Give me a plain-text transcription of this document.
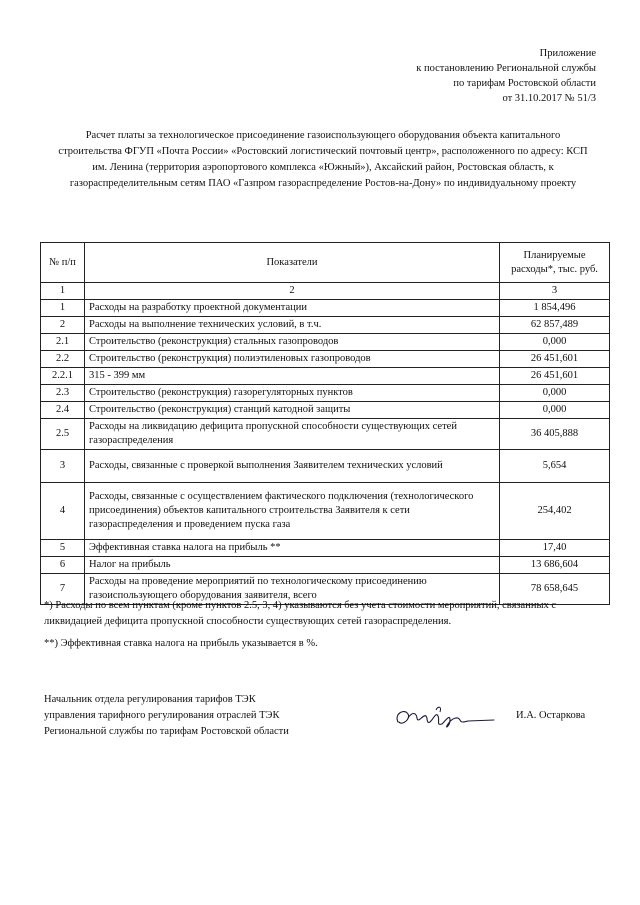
Приложение
к постановлению Региональной службы
по тарифам Ростовской области
от 31.10.2017 № 51/3
Расчет платы за технологическое присоединение газоиспользующего оборудования объекта капитального строительства ФГУП «Почта России» «Ростовский логистический почтовый центр», расположенного по адресу: КСП им. Ленина (территория аэропортового комплекса «Южный»), Аксайский район, Ростовская область, к газораспределительным сетям ПАО «Газпром газораспределение Ростов-на-Дону» по индивидуальному проекту
№ п/п	Показатели	Планируемые расходы*, тыс. руб.
1	2	3
1	Расходы на разработку проектной документации	1 854,496
2	Расходы на выполнение технических условий, в т.ч.	62 857,489
2.1	Строительство (реконструкция) стальных газопроводов	0,000
2.2	Строительство (реконструкция) полиэтиленовых газопроводов	26 451,601
2.2.1	315 - 399 мм	26 451,601
2.3	Строительство (реконструкция) газорегуляторных пунктов	0,000
2.4	Строительство (реконструкция) станций катодной защиты	0,000
2.5	Расходы на ликвидацию дефицита пропускной способности существующих сетей газораспределения	36 405,888
3	Расходы, связанные с проверкой выполнения Заявителем технических условий	5,654
4	Расходы, связанные с осуществлением фактического подключения (технологического присоединения) объектов капитального строительства Заявителя к сети газораспределения и проведением пуска газа	254,402
5	Эффективная ставка налога на прибыль **	17,40
6	Налог на прибыль	13 686,604
7	Расходы на проведение мероприятий по технологическому присоединению газоиспользующего оборудования заявителя, всего	78 658,645

*) Расходы по всем пунктам (кроме пунктов 2.5, 3, 4) указываются без учета стоимости мероприятий, связанных с ликвидацией дефицита пропускной способности существующих сетей газораспределения.

**) Эффективная ставка налога на прибыль указывается в %.

Начальник отдела регулирования тарифов ТЭК
управления тарифного регулирования отраслей ТЭК
Региональной службы по тарифам Ростовской области
И.А. Остаркова
